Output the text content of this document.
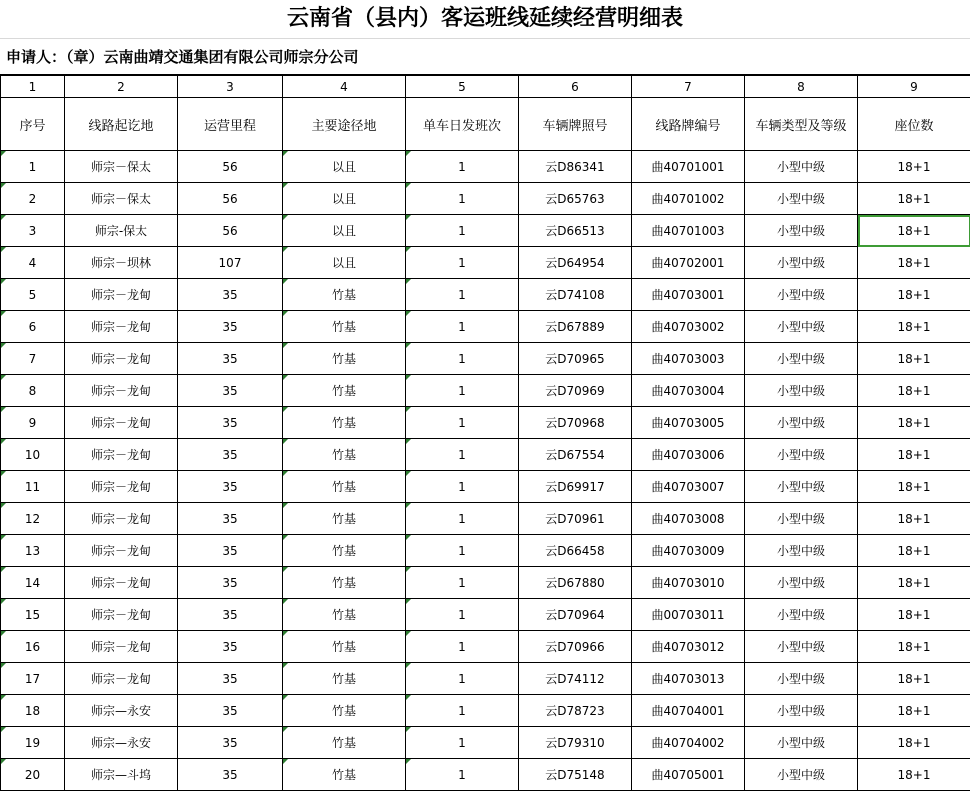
云南省（县内）客运班线延续经营明细表
申请人：（章）云南曲靖交通集团有限公司师宗分公司
1	2	3	4	5	6	7	8	9
序号	线路起讫地	运营里程	主要途径地	单车日发班次	车辆牌照号	线路牌编号	车辆类型及等级	座位数
1	师宗－保太	56	以且	1	云D86341	曲40701001	小型中级	18+1
2	师宗－保太	56	以且	1	云D65763	曲40701002	小型中级	18+1
3	师宗-保太	56	以且	1	云D66513	曲40701003	小型中级	18+1
4	师宗－坝林	107	以且	1	云D64954	曲40702001	小型中级	18+1
5	师宗－龙甸	35	竹基	1	云D74108	曲40703001	小型中级	18+1
6	师宗－龙甸	35	竹基	1	云D67889	曲40703002	小型中级	18+1
7	师宗－龙甸	35	竹基	1	云D70965	曲40703003	小型中级	18+1
8	师宗－龙甸	35	竹基	1	云D70969	曲40703004	小型中级	18+1
9	师宗－龙甸	35	竹基	1	云D70968	曲40703005	小型中级	18+1
10	师宗－龙甸	35	竹基	1	云D67554	曲40703006	小型中级	18+1
11	师宗－龙甸	35	竹基	1	云D69917	曲40703007	小型中级	18+1
12	师宗－龙甸	35	竹基	1	云D70961	曲40703008	小型中级	18+1
13	师宗－龙甸	35	竹基	1	云D66458	曲40703009	小型中级	18+1
14	师宗－龙甸	35	竹基	1	云D67880	曲40703010	小型中级	18+1
15	师宗－龙甸	35	竹基	1	云D70964	曲00703011	小型中级	18+1
16	师宗－龙甸	35	竹基	1	云D70966	曲40703012	小型中级	18+1
17	师宗－龙甸	35	竹基	1	云D74112	曲40703013	小型中级	18+1
18	师宗—永安	35	竹基	1	云D78723	曲40704001	小型中级	18+1
19	师宗—永安	35	竹基	1	云D79310	曲40704002	小型中级	18+1
20	师宗—斗坞	35	竹基	1	云D75148	曲40705001	小型中级	18+1
